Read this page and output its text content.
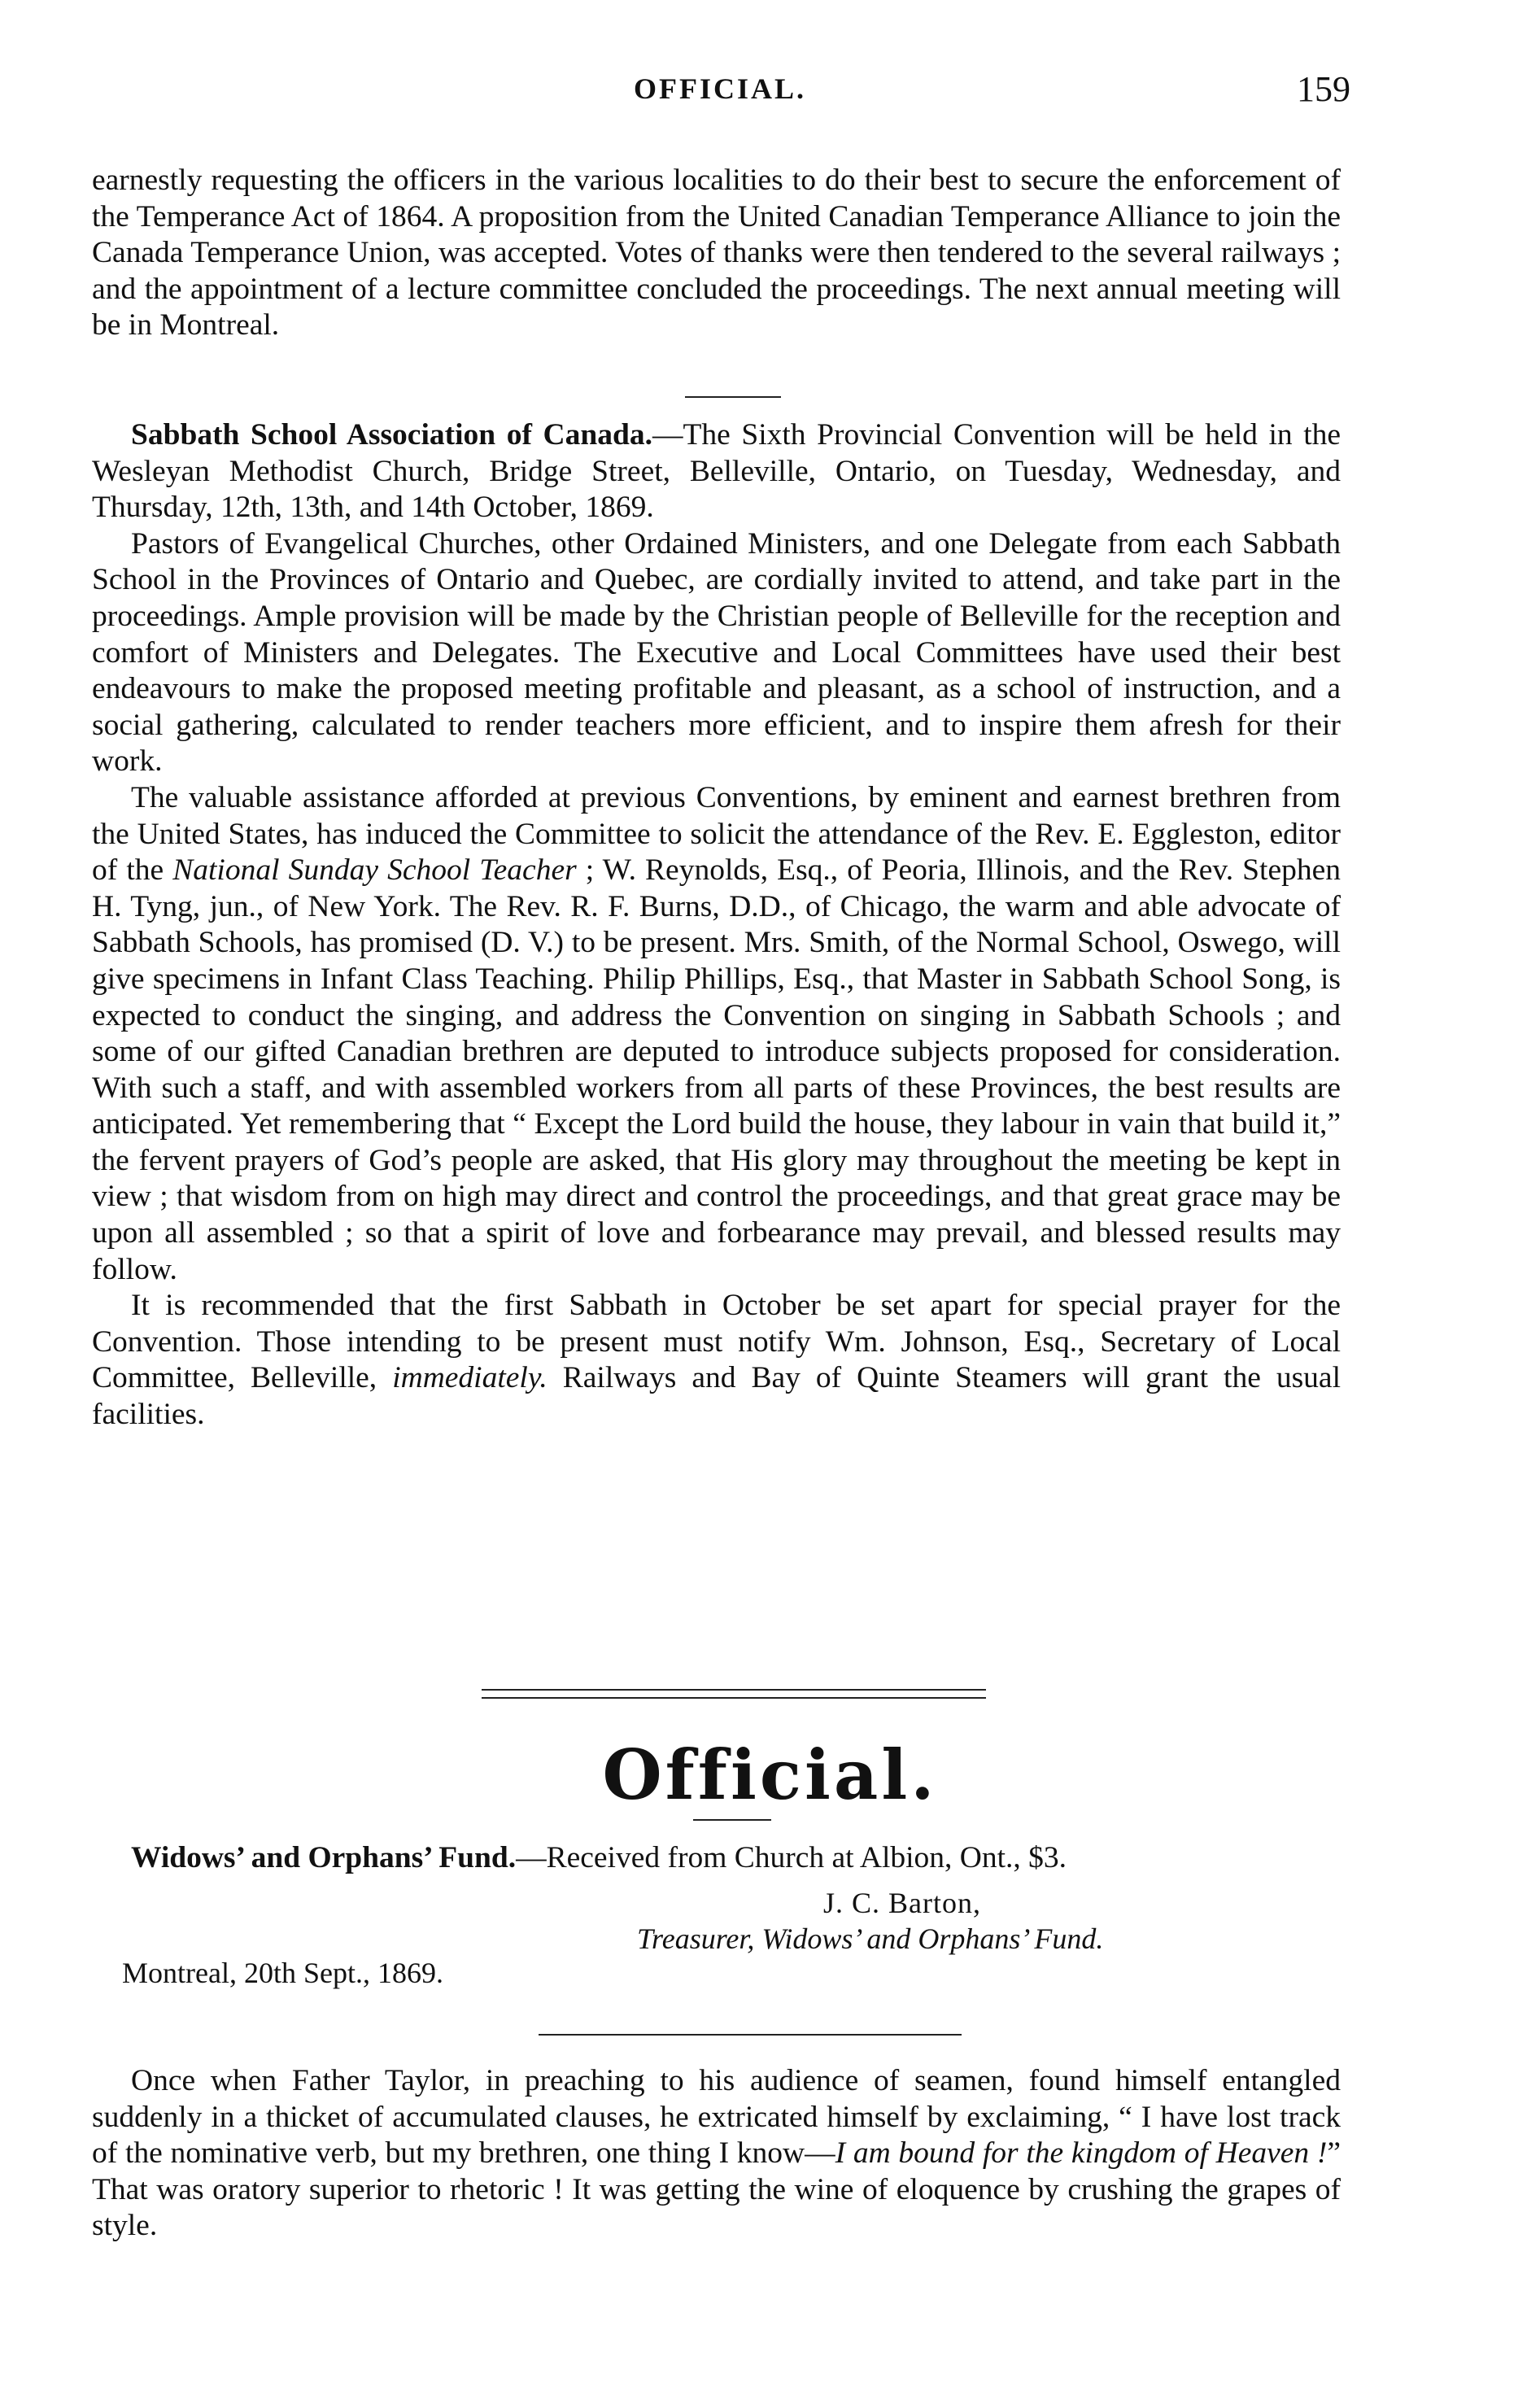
OFFICIAL.	159

earnestly requesting the officers in the various localities to do their best to secure the enforcement of the Temperance Act of 1864. A proposition from the United Canadian Temperance Alliance to join the Canada Temperance Union, was accepted. Votes of thanks were then tendered to the several railways ; and the appointment of a lecture committee concluded the proceedings. The next annual meeting will be in Montreal.

Sabbath School Association of Canada.—The Sixth Provincial Convention will be held in the Wesleyan Methodist Church, Bridge Street, Belleville, Ontario, on Tuesday, Wednesday, and Thursday, 12th, 13th, and 14th October, 1869.

Pastors of Evangelical Churches, other Ordained Ministers, and one Delegate from each Sabbath School in the Provinces of Ontario and Quebec, are cordially invited to attend, and take part in the proceedings. Ample provision will be made by the Christian people of Belleville for the reception and comfort of Ministers and Delegates. The Executive and Local Committees have used their best endeavours to make the proposed meeting profitable and pleasant, as a school of instruction, and a social gathering, calculated to render teachers more efficient, and to inspire them afresh for their work.

The valuable assistance afforded at previous Conventions, by eminent and earnest brethren from the United States, has induced the Committee to solicit the attendance of the Rev. E. Eggleston, editor of the National Sunday School Teacher ; W. Reynolds, Esq., of Peoria, Illinois, and the Rev. Stephen H. Tyng, jun., of New York. The Rev. R. F. Burns, D.D., of Chicago, the warm and able advocate of Sabbath Schools, has promised (D. V.) to be present. Mrs. Smith, of the Normal School, Oswego, will give specimens in Infant Class Teaching. Philip Phillips, Esq., that Master in Sabbath School Song, is expected to conduct the singing, and address the Convention on singing in Sabbath Schools ; and some of our gifted Canadian brethren are deputed to introduce subjects proposed for consideration. With such a staff, and with assembled workers from all parts of these Provinces, the best results are anticipated. Yet remembering that “ Except the Lord build the house, they labour in vain that build it,” the fervent prayers of God’s people are asked, that His glory may throughout the meeting be kept in view ; that wisdom from on high may direct and control the proceedings, and that great grace may be upon all assembled ; so that a spirit of love and forbearance may prevail, and blessed results may follow.

It is recommended that the first Sabbath in October be set apart for special prayer for the Convention. Those intending to be present must notify Wm. Johnson, Esq., Secretary of Local Committee, Belleville, immediately. Railways and Bay of Quinte Steamers will grant the usual facilities.

Official.

Widows’ and Orphans’ Fund.—Received from Church at Albion, Ont., $3.

J. C. Barton,
Treasurer, Widows’ and Orphans’ Fund.
Montreal, 20th Sept., 1869.

Once when Father Taylor, in preaching to his audience of seamen, found himself entangled suddenly in a thicket of accumulated clauses, he extricated himself by exclaiming, “ I have lost track of the nominative verb, but my brethren, one thing I know—I am bound for the kingdom of Heaven !” That was oratory superior to rhetoric ! It was getting the wine of eloquence by crushing the grapes of style.
